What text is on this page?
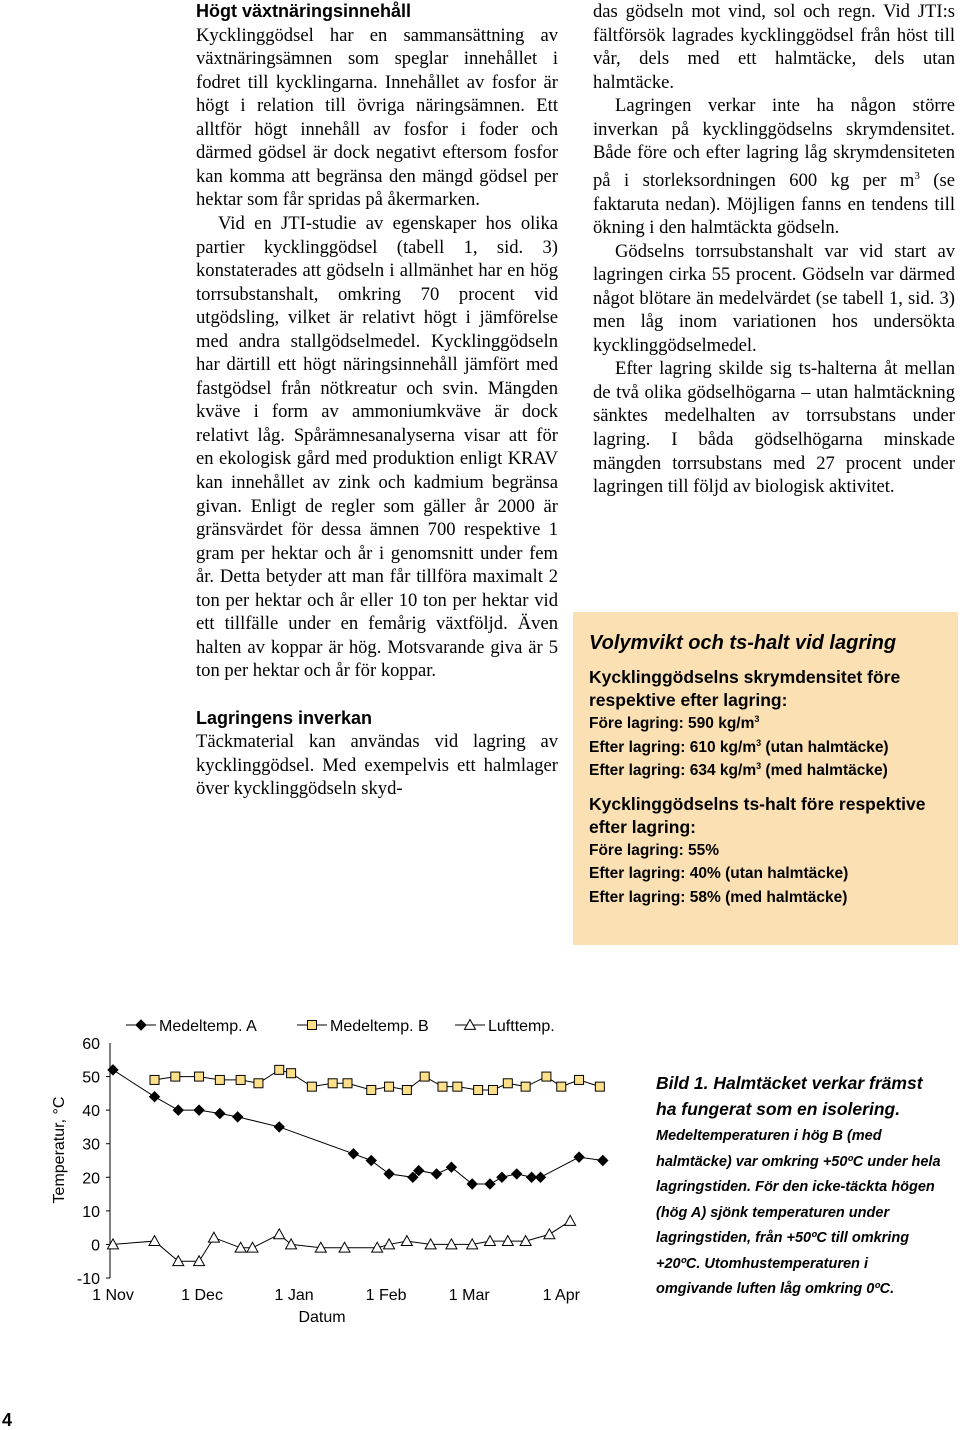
Högt växtnäringsinnehåll

Kycklinggödsel har en sammansättning av växtnäringsämnen som speglar innehållet i fodret till kycklingarna. Innehållet av fosfor är högt i relation till övriga näringsämnen. Ett alltför högt innehåll av fosfor i foder och därmed gödsel är dock negativt eftersom fosfor kan komma att begränsa den mängd gödsel per hektar som får spridas på åkermarken.

Vid en JTI-studie av egenskaper hos olika partier kycklinggödsel (tabell 1, sid. 3) konstaterades att gödseln i allmänhet har en hög torrsubstanshalt, omkring 70 procent vid utgödsling, vilket är relativt högt i jämförelse med andra stallgödselmedel. Kycklinggödseln har därtill ett högt näringsinnehåll jämfört med fastgödsel från nötkreatur och svin. Mängden kväve i form av ammoniumkväve är dock relativt låg. Spårämnesanalyserna visar att för en ekologisk gård med produktion enligt KRAV kan innehållet av zink och kadmium begränsa givan. Enligt de regler som gäller år 2000 är gränsvärdet för dessa ämnen 700 respektive 1 gram per hektar och år i genomsnitt under fem år. Detta betyder att man får tillföra maximalt 2 ton per hektar och år eller 10 ton per hektar vid ett tillfälle under en femårig växtföljd. Även halten av koppar är hög. Motsvarande giva är 5 ton per hektar och år för koppar.

Lagringens inverkan

Täckmaterial kan användas vid lagring av kycklinggödsel. Med exempelvis ett halmlager över kycklinggödseln skyd-

das gödseln mot vind, sol och regn. Vid JTI:s fältförsök lagrades kycklinggödsel från höst till vår, dels med ett halmtäcke, dels utan halmtäcke.

Lagringen verkar inte ha någon större inverkan på kycklinggödselns skrymdensitet. Både före och efter lagring låg skrymdensiteten på i storleksordningen 600 kg per $m^3$ (se faktaruta nedan). Möjligen fanns en tendens till ökning i den halmtäckta gödseln.

Gödselns torrsubstanshalt var vid start av lagringen cirka 55 procent. Gödseln var därmed något blötare än medelvärdet (se tabell 1, sid. 3) men låg inom variationen hos undersökta kycklinggödselmedel.

Efter lagring skilde sig ts-halterna åt mellan de två olika gödselhögarna – utan halmtäckning sänktes medelhalten av torrsubstans under lagring. I båda gödselhögarna minskade mängden torrsubstans med 27 procent under lagringen till följd av biologisk aktivitet.

Volymvikt och ts-halt vid lagring

Kycklinggödselns skrymdensitet före respektive efter lagring:

Före lagring: 590 $kg/m^3$

Efter lagring: 610 $kg/m^3$ (utan halmtäcke)

Efter lagring: 634 $kg/m^3$ (med halmtäcke)

Kycklinggödselns ts-halt före respektive efter lagring:

Före lagring: 55%

Efter lagring: 40% (utan halmtäcke)

Efter lagring: 58% (med halmtäcke)

60
50
40
30
20
10
0
-10
1 Nov	1 Dec	1 Jan	1 Feb	1 Mar	1 Apr
Datum
Temperatur, °C
Medeltemp. A	Medeltemp. B	Lufttemp.
Bild 1. Halmtäcket verkar främst ha fungerat som en isolering. Medeltemperaturen i hög B (med halmtäcke) var omkring +50ºC under hela lagringstiden. För den icke-täckta högen (hög A) sjönk temperaturen under lagringstiden, från +50ºC till omkring +20ºC. Utomhustemperaturen i omgivande luften låg omkring 0ºC.
4
